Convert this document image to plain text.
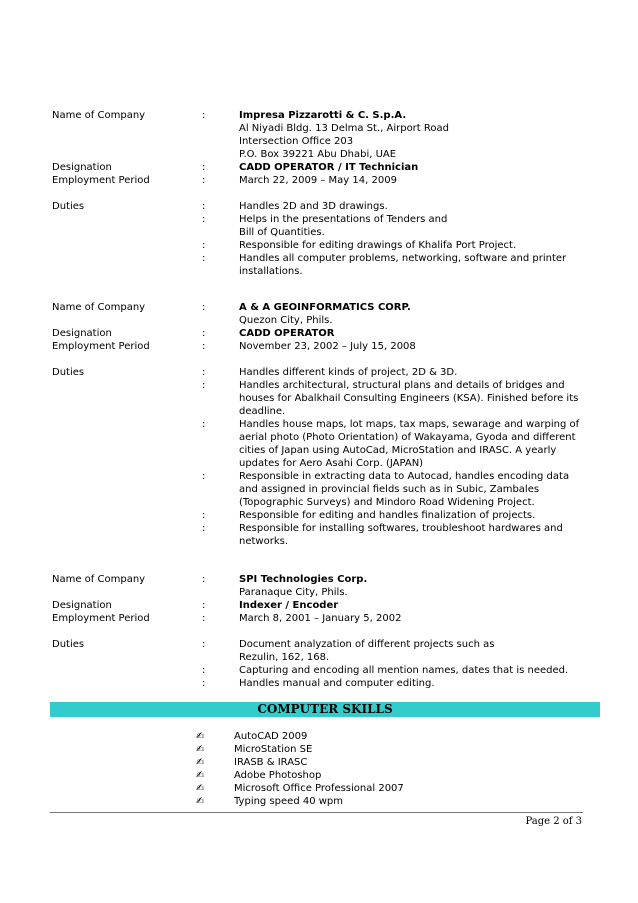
Name of Company	:	Impresa Pizzarotti & C. S.p.A.
Al Niyadi Bldg. 13 Delma St., Airport Road
Intersection Office 203
P.O. Box 39221 Abu Dhabi, UAE
Designation	:	CADD OPERATOR / IT Technician
Employment Period	:	March 22, 2009 – May 14, 2009
Duties	:	Handles 2D and 3D drawings.
:	Helps in the presentations of Tenders and
Bill of Quantities.
:	Responsible for editing drawings of Khalifa Port Project.
:	Handles all computer problems, networking, software and printer
installations.
Name of Company	:	A & A GEOINFORMATICS CORP.
Quezon City, Phils.
Designation	:	CADD OPERATOR
Employment Period	:	November 23, 2002 – July 15, 2008
Duties	:	Handles different kinds of project, 2D & 3D.
:	Handles architectural, structural plans and details of bridges and
houses for Abalkhail Consulting Engineers (KSA). Finished before its
deadline.
:	Handles house maps, lot maps, tax maps, sewarage and warping of
aerial photo (Photo Orientation) of Wakayama, Gyoda and different
cities of Japan using AutoCad, MicroStation and IRASC. A yearly
updates for Aero Asahi Corp. (JAPAN)
:	Responsible in extracting data to Autocad, handles encoding data
and assigned in provincial fields such as in Subic, Zambales
(Topographic Surveys) and Mindoro Road Widening Project.
:	Responsible for editing and handles finalization of projects.
:	Responsible for installing softwares, troubleshoot hardwares and
networks.
Name of Company	:	SPI Technologies Corp.
Paranaque City, Phils.
Designation	:	Indexer / Encoder
Employment Period	:	March 8, 2001 – January 5, 2002
Duties	:	Document analyzation of different projects such as
Rezulin, 162, 168.
:	Capturing and encoding all mention names, dates that is needed.
:	Handles manual and computer editing.
COMPUTER SKILLS
✍	AutoCAD 2009
✍	MicroStation SE
✍	IRASB & IRASC
✍	Adobe Photoshop
✍	Microsoft Office Professional 2007
✍	Typing speed 40 wpm
Page 2 of 3
